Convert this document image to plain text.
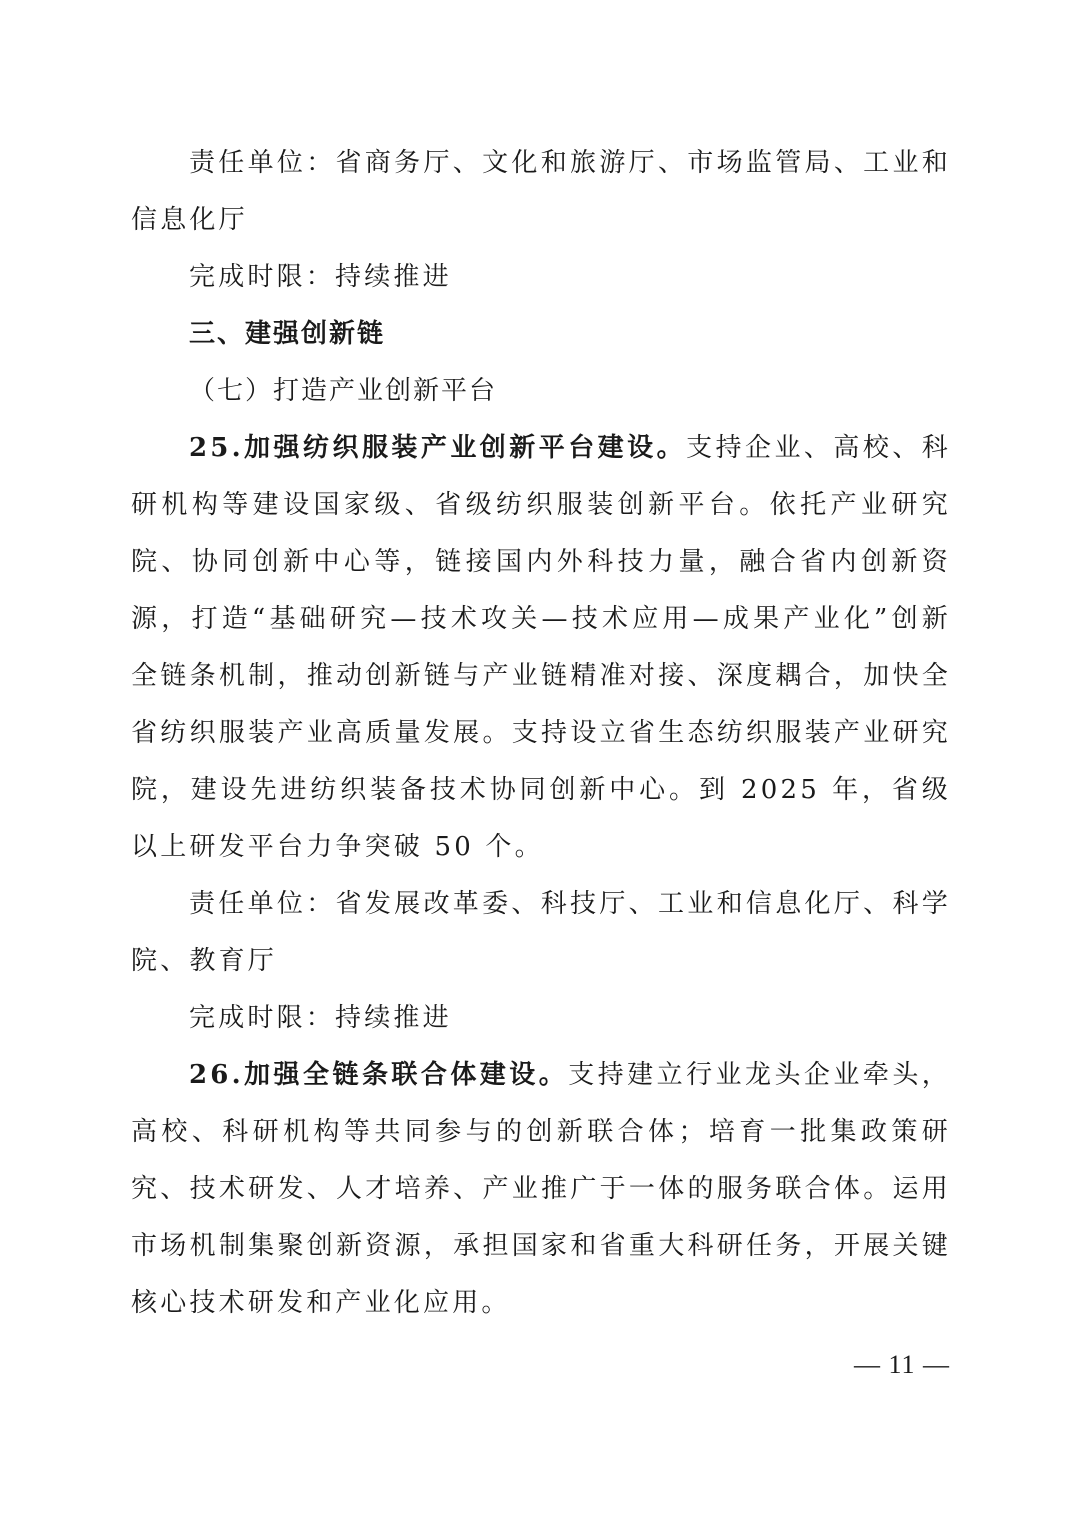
责任单位：省商务厅、文化和旅游厅、市场监管局、工业和信息化厅

完成时限：持续推进

三、建强创新链

（七）打造产业创新平台

25.加强纺织服装产业创新平台建设。支持企业、高校、科研机构等建设国家级、省级纺织服装创新平台。依托产业研究院、协同创新中心等，链接国内外科技力量，融合省内创新资源，打造“基础研究—技术攻关—技术应用—成果产业化”创新全链条机制，推动创新链与产业链精准对接、深度耦合，加快全省纺织服装产业高质量发展。支持设立省生态纺织服装产业研究院，建设先进纺织装备技术协同创新中心。到 2025 年，省级以上研发平台力争突破 50 个。

责任单位：省发展改革委、科技厅、工业和信息化厅、科学院、教育厅

完成时限：持续推进

26.加强全链条联合体建设。支持建立行业龙头企业牵头，高校、科研机构等共同参与的创新联合体；培育一批集政策研究、技术研发、人才培养、产业推广于一体的服务联合体。运用市场机制集聚创新资源，承担国家和省重大科研任务，开展关键核心技术研发和产业化应用。

— 11 —
